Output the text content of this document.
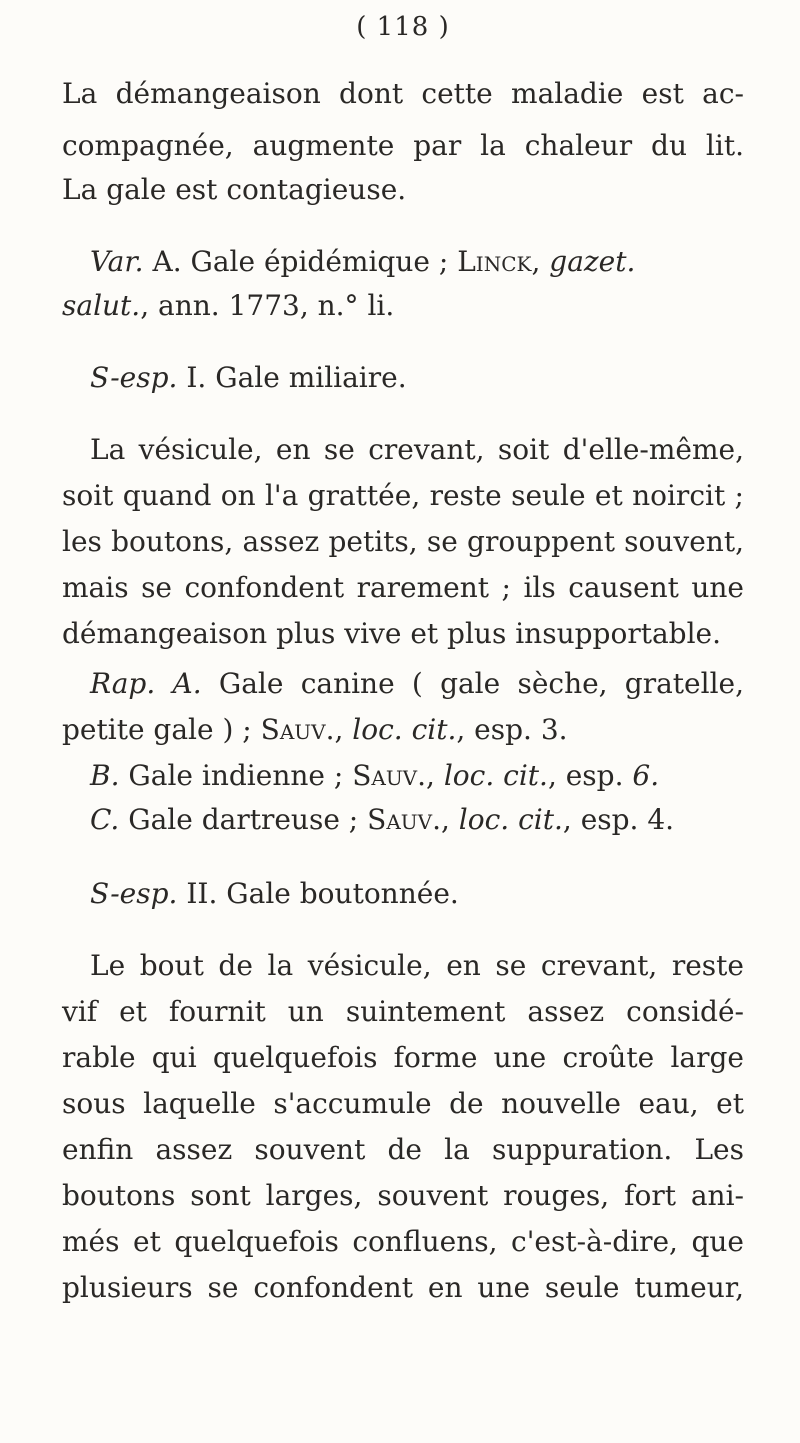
( 118 )
La démangeaison dont cette maladie est ac-
compagnée, augmente par la chaleur du lit.
La gale est contagieuse.
Var. A. Gale épidémique ; Linck, gazet.
salut., ann. 1773, n.° li.
S-esp. I. Gale miliaire.
La vésicule, en se crevant, soit d'elle-même,
soit quand on l'a grattée, reste seule et noircit ;
les boutons, assez petits, se grouppent souvent,
mais se confondent rarement ; ils causent une
démangeaison plus vive et plus insupportable.
Rap. A. Gale canine ( gale sèche, gratelle,
petite gale ) ; Sauv., loc. cit., esp. 3.
B. Gale indienne ; Sauv., loc. cit., esp. 6.
C. Gale dartreuse ; Sauv., loc. cit., esp. 4.
S-esp. II. Gale boutonnée.
Le bout de la vésicule, en se crevant, reste
vif et fournit un suintement assez considé-
rable qui quelquefois forme une croûte large
sous laquelle s'accumule de nouvelle eau, et
enfin assez souvent de la suppuration. Les
boutons sont larges, souvent rouges, fort ani-
més et quelquefois confluens, c'est-à-dire, que
plusieurs se confondent en une seule tumeur,
